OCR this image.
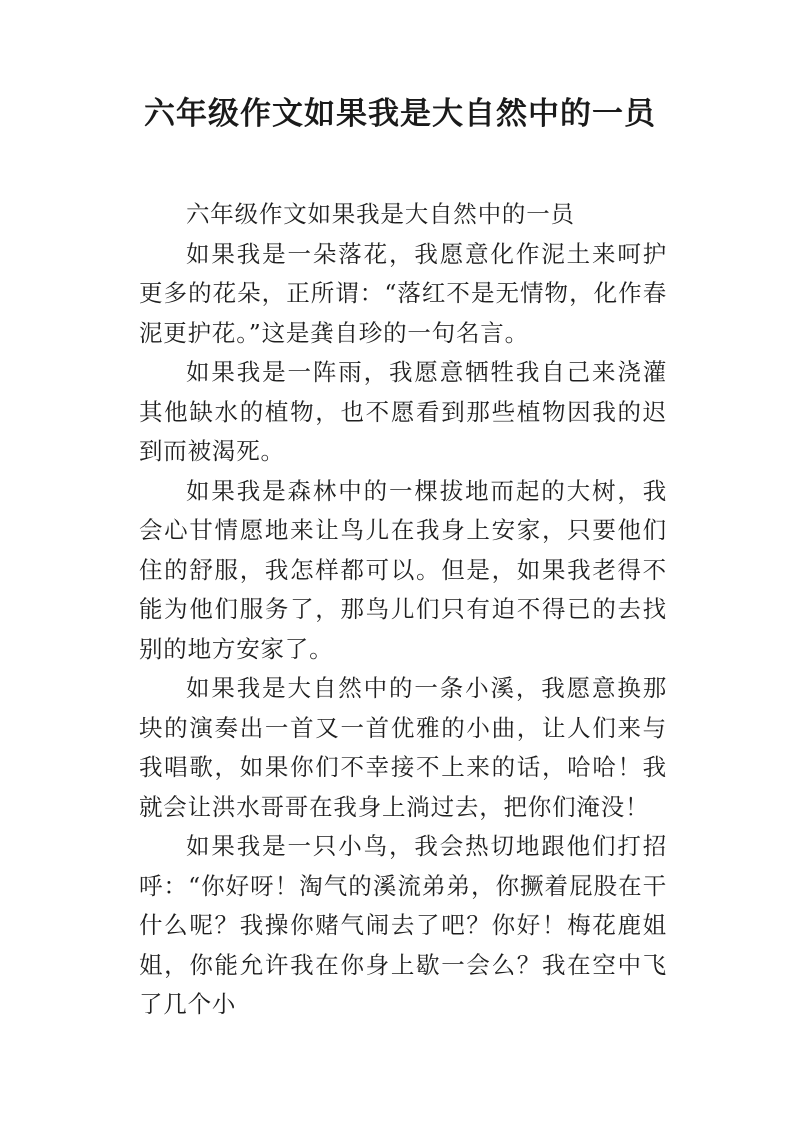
六年级作文如果我是大自然中的一员

六年级作文如果我是大自然中的一员

如果我是一朵落花，我愿意化作泥土来呵护更多的花朵，正所谓：“落红不是无情物，化作春泥更护花。”这是龚自珍的一句名言。

如果我是一阵雨，我愿意牺牲我自己来浇灌其他缺水的植物，也不愿看到那些植物因我的迟到而被渴死。

如果我是森林中的一棵拔地而起的大树，我会心甘情愿地来让鸟儿在我身上安家，只要他们住的舒服，我怎样都可以。但是，如果我老得不能为他们服务了，那鸟儿们只有迫不得已的去找别的地方安家了。

如果我是大自然中的一条小溪，我愿意换那块的演奏出一首又一首优雅的小曲，让人们来与我唱歌，如果你们不幸接不上来的话，哈哈！我就会让洪水哥哥在我身上淌过去，把你们淹没！

如果我是一只小鸟，我会热切地跟他们打招呼：“你好呀！淘气的溪流弟弟，你撅着屁股在干什么呢？我操你赌气闹去了吧？你好！梅花鹿姐姐，你能允许我在你身上歇一会么？我在空中飞了几个小
